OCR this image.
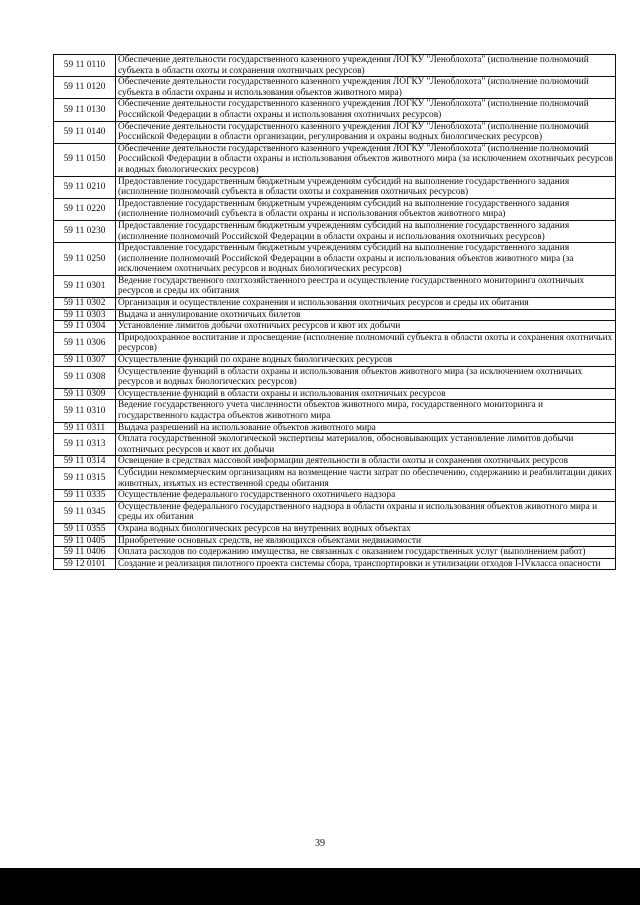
59 11 0110	Обеспечение деятельности государственного казенного учреждения ЛОГКУ "Леноблохота" (исполнение полномочий субъекта в области охоты и сохранения охотничьих ресурсов)
59 11 0120	Обеспечение деятельности государственного казенного учреждения ЛОГКУ "Леноблохота" (исполнение полномочий субъекта в области охраны и использования объектов животного мира)
59 11 0130	Обеспечение деятельности государственного казенного учреждения ЛОГКУ "Леноблохота" (исполнение полномочий Российской Федерации в области охраны и использования охотничьих ресурсов)
59 11 0140	Обеспечение деятельности государственного казенного учреждения ЛОГКУ "Леноблохота" (исполнение полномочий Российской Федерации в области организации, регулирования и охраны водных биологических ресурсов)
59 11 0150	Обеспечение деятельности государственного казенного учреждения ЛОГКУ "Леноблохота" (исполнение полномочий Российской Федерации в области охраны и использования объектов животного мира (за исключением охотничьих ресурсов и водных биологических ресурсов)
59 11 0210	Предоставление государственным бюджетным учреждениям субсидий на выполнение государственного задания (исполнение полномочий субъекта в области охоты и сохранения охотничьих ресурсов)
59 11 0220	Предоставление государственным бюджетным учреждениям субсидий на выполнение государственного задания (исполнение полномочий субъекта в области охраны и использования объектов животного мира)
59 11 0230	Предоставление государственным бюджетным учреждениям субсидий на выполнение государственного задания (исполнение полномочий Российской Федерации в области охраны и использования охотничьих ресурсов)
59 11 0250	Предоставление государственным бюджетным учреждениям субсидий на выполнение государственного задания (исполнение полномочий Российской Федерации в области охраны и использования объектов животного мира (за исключением охотничьих ресурсов и водных биологических ресурсов)
59 11 0301	Ведение государственного охотхозяйственного реестра и осуществление государственного мониторинга охотничьих ресурсов и среды их обитания
59 11 0302	Организация и осуществление сохранения и использования охотничьих ресурсов и среды их обитания
59 11 0303	Выдача и аннулирование охотничьих билетов
59 11 0304	Установление лимитов добычи охотничьих ресурсов и квот их добычи
59 11 0306	Природоохранное воспитание и просвещение (исполнение полномочий субъекта в области охоты и сохранения охотничьих ресурсов)
59 11 0307	Осуществление функций по охране водных биологических ресурсов
59 11 0308	Осуществление функций в области охраны и использования объектов животного мира (за исключением охотничьих ресурсов и водных биологических ресурсов)
59 11 0309	Осуществление функций в области охраны и использования охотничьих ресурсов
59 11 0310	Ведение государственного учета численности объектов животного мира, государственного мониторинга и государственного кадастра объектов животного мира
59 11 0311	Выдача разрешений на использование объектов животного мира
59 11 0313	Оплата государственной экологической экспертизы материалов, обосновывающих установление лимитов добычи охотничьих ресурсов и квот их добычи
59 11 0314	Освещение в средствах массовой информации деятельности в области охоты и сохранения охотничьих ресурсов
59 11 0315	Субсидии некоммерческим организациям на возмещение части затрат по обеспечению, содержанию и реабилитации диких животных, изъятых из естественной среды обитания
59 11 0335	Осуществление федерального государственного охотничьего надзора
59 11 0345	Осуществление федерального государственного надзора в области охраны и использования объектов животного мира и среды их обитания
59 11 0355	Охрана водных биологических ресурсов на внутренних водных объектах
59 11 0405	Приобретение основных средств, не являющихся объектами недвижимости
59 11 0406	Оплата расходов по содержанию имущества, не связанных с оказанием государственных услуг (выполнением работ)
59 12 0101	Создание и реализация пилотного проекта системы сбора, транспортировки и утилизации отходов I-IVкласса опасности
39
